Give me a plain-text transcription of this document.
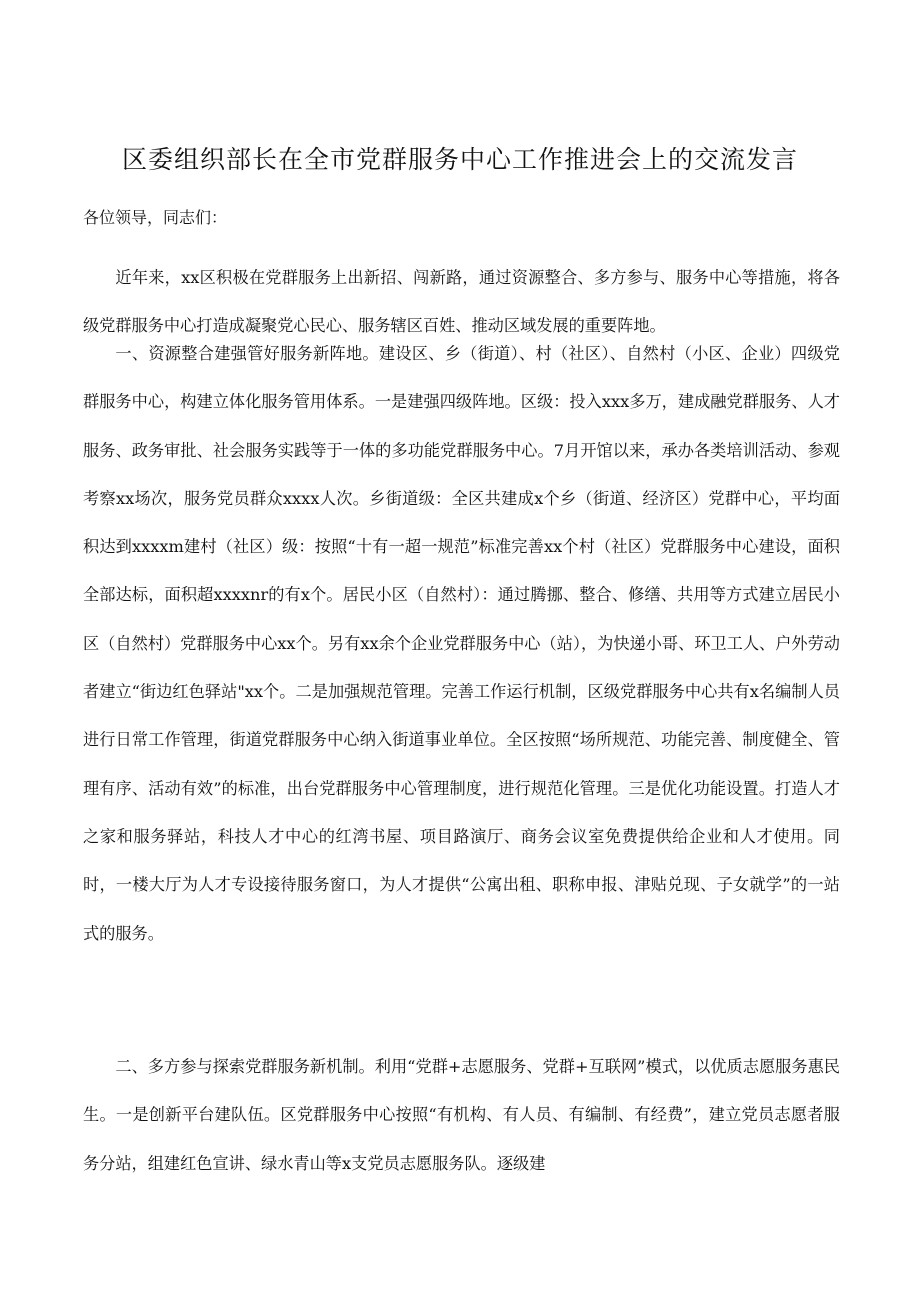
区委组织部长在全市党群服务中心工作推进会上的交流发言
各位领导，同志们：

近年来，xx区积极在党群服务上出新招、闯新路，通过资源整合、多方参与、服务中心等措施，将各级党群服务中心打造成凝聚党心民心、服务辖区百姓、推动区域发展的重要阵地。

一、资源整合建强管好服务新阵地。建设区、乡（街道）、村（社区）、自然村（小区、企业）四级党群服务中心，构建立体化服务管用体系。一是建强四级阵地。区级：投入xxx多万，建成融党群服务、人才服务、政务审批、社会服务实践等于一体的多功能党群服务中心。7月开馆以来，承办各类培训活动、参观考察xx场次，服务党员群众xxxx人次。乡街道级：全区共建成x个乡（街道、经济区）党群中心，平均面积达到xxxxm建村（社区）级：按照“十有一超一规范”标准完善xx个村（社区）党群服务中心建设，面积全部达标，面积超xxxxnr的有x个。居民小区（自然村）：通过腾挪、整合、修缮、共用等方式建立居民小区（自然村）党群服务中心xx个。另有xx余个企业党群服务中心（站），为快递小哥、环卫工人、户外劳动者建立“街边红色驿站"xx个。二是加强规范管理。完善工作运行机制，区级党群服务中心共有x名编制人员进行日常工作管理，街道党群服务中心纳入街道事业单位。全区按照“场所规范、功能完善、制度健全、管理有序、活动有效”的标准，出台党群服务中心管理制度，进行规范化管理。三是优化功能设置。打造人才之家和服务驿站，科技人才中心的红湾书屋、项目路演厅、商务会议室免费提供给企业和人才使用。同时，一楼大厅为人才专设接待服务窗口，为人才提供“公寓出租、职称申报、津贴兑现、子女就学”的一站式的服务。

二、多方参与探索党群服务新机制。利用“党群+志愿服务、党群+互联网”模式，以优质志愿服务惠民生。一是创新平台建队伍。区党群服务中心按照“有机构、有人员、有编制、有经费”，建立党员志愿者服务分站，组建红色宣讲、绿水青山等x支党员志愿服务队。逐级建
